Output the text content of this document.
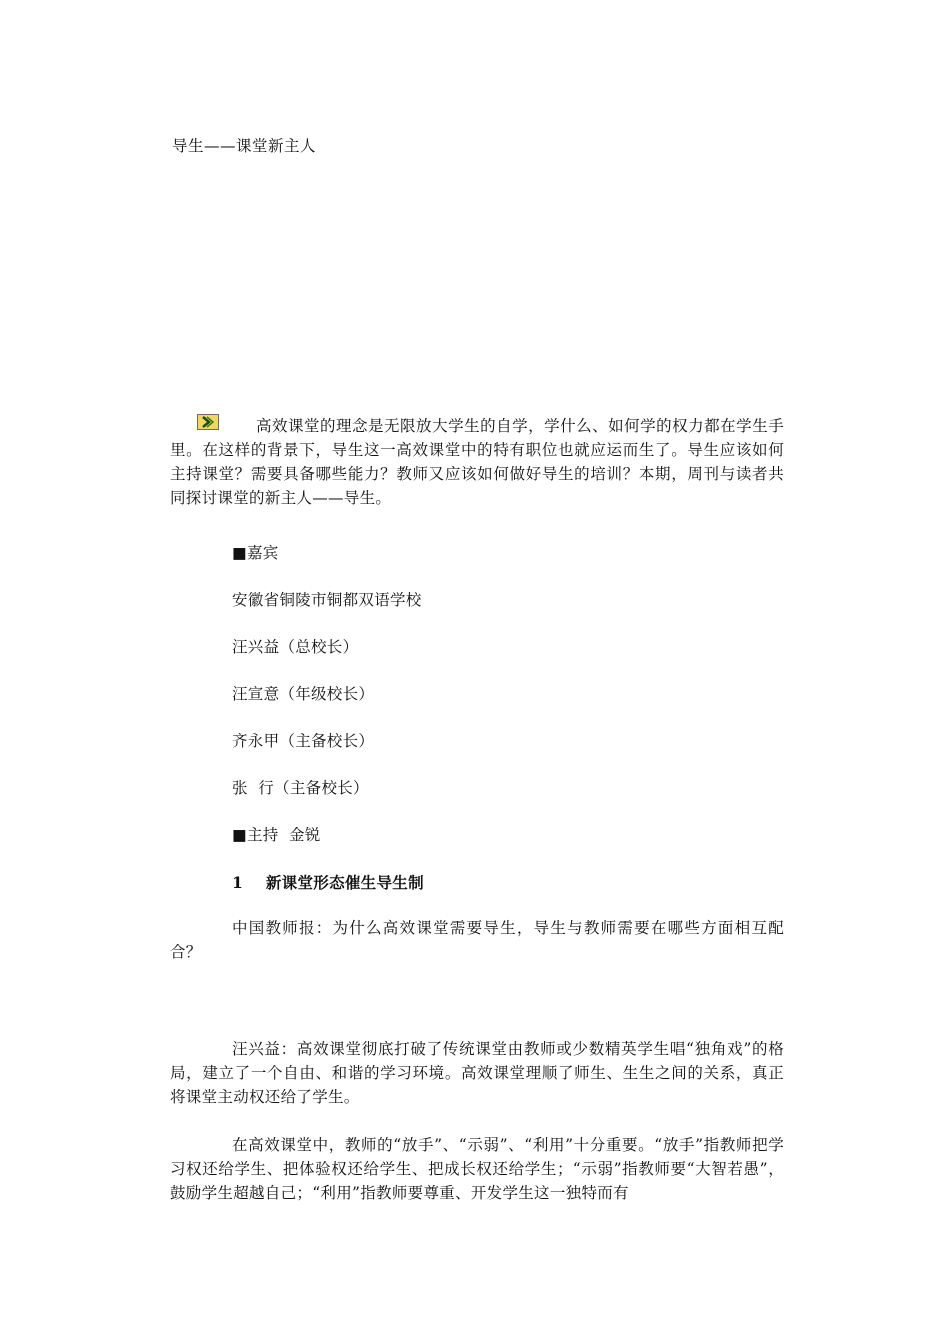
导生——课堂新主人
高效课堂的理念是无限放大学生的自学，学什么、如何学的权力都在学生手里。在这样的背景下，导生这一高效课堂中的特有职位也就应运而生了。导生应该如何主持课堂？需要具备哪些能力？教师又应该如何做好导生的培训？本期，周刊与读者共同探讨课堂的新主人——导生。
■嘉宾
安徽省铜陵市铜都双语学校
汪兴益（总校长）
汪宣意（年级校长）
齐永甲（主备校长）
张  行（主备校长）
■主持  金锐
1    新课堂形态催生导生制
中国教师报：为什么高效课堂需要导生，导生与教师需要在哪些方面相互配合？
汪兴益：高效课堂彻底打破了传统课堂由教师或少数精英学生唱“独角戏”的格局，建立了一个自由、和谐的学习环境。高效课堂理顺了师生、生生之间的关系，真正将课堂主动权还给了学生。
在高效课堂中，教师的“放手”、“示弱”、“利用”十分重要。“放手”指教师把学习权还给学生、把体验权还给学生、把成长权还给学生；“示弱”指教师要“大智若愚”，鼓励学生超越自己；“利用”指教师要尊重、开发学生这一独特而有
